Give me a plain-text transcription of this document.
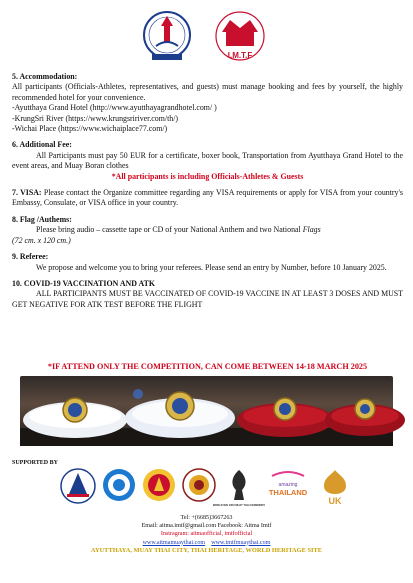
I.M.T.F
5. Accommodation:
All participants (Officials-Athletes, representatives, and guests) must manage booking and fees by yourself, the highly recommended hotel for your convenience.
-Ayutthaya Grand Hotel (http://www.ayutthayagrandhotel.com/ )
-KrungSri River (https://www.krungsririver.com/th/)
-Wichai Place (https://www.wichaiplace77.com/)
6. Additional Fee:
All Participants must pay 50 EUR for a certificate, boxer book, Transportation from Ayutthaya Grand Hotel to the event areas, and Muay Boran clothes
*All participants is including Officials-Athletes & Guests
7. VISA: Please contact the Organize committee regarding any VISA requirements or apply for VISA from your country's Embassy, Consulate, or VISA office in your country.
8. Flag /Authems:
Please bring audio – cassette tape or CD of your National Anthem and two National Flags
(72 cm. x 120 cm.)
9. Referee:
We propose and welcome you to bring your referees. Please send an entry by Number, before 10 January 2025.
10. COVID-19 VACCINATION AND ATK
ALL PARTICIPANTS MUST BE VACCINATED OF COVID-19 VACCINE IN AT LEAST 3 DOSES AND MUST GET NEGATIVE FOR ATK TEST BEFORE THE FLIGHT
*IF ATTEND ONLY THE COMPETITION, CAN COME BETWEEN 14-18 MARCH 2025
SUPPORTED BY
WORLD WAI KRU MUAY THAI CEREMONY
amazing
THAILAND
UK
Tel: +(6685)3667263
Email: aitma.imtf@gmail.com Facebook: Aitma Imtf
Instragram: aitmaofficial, imtfofficial
www.aitmamuaythai.com www.imtfmuaythai.com
AYUTTHAYA, MUAY THAI CITY, THAI HERITAGE, WORLD HERITAGE SITE
